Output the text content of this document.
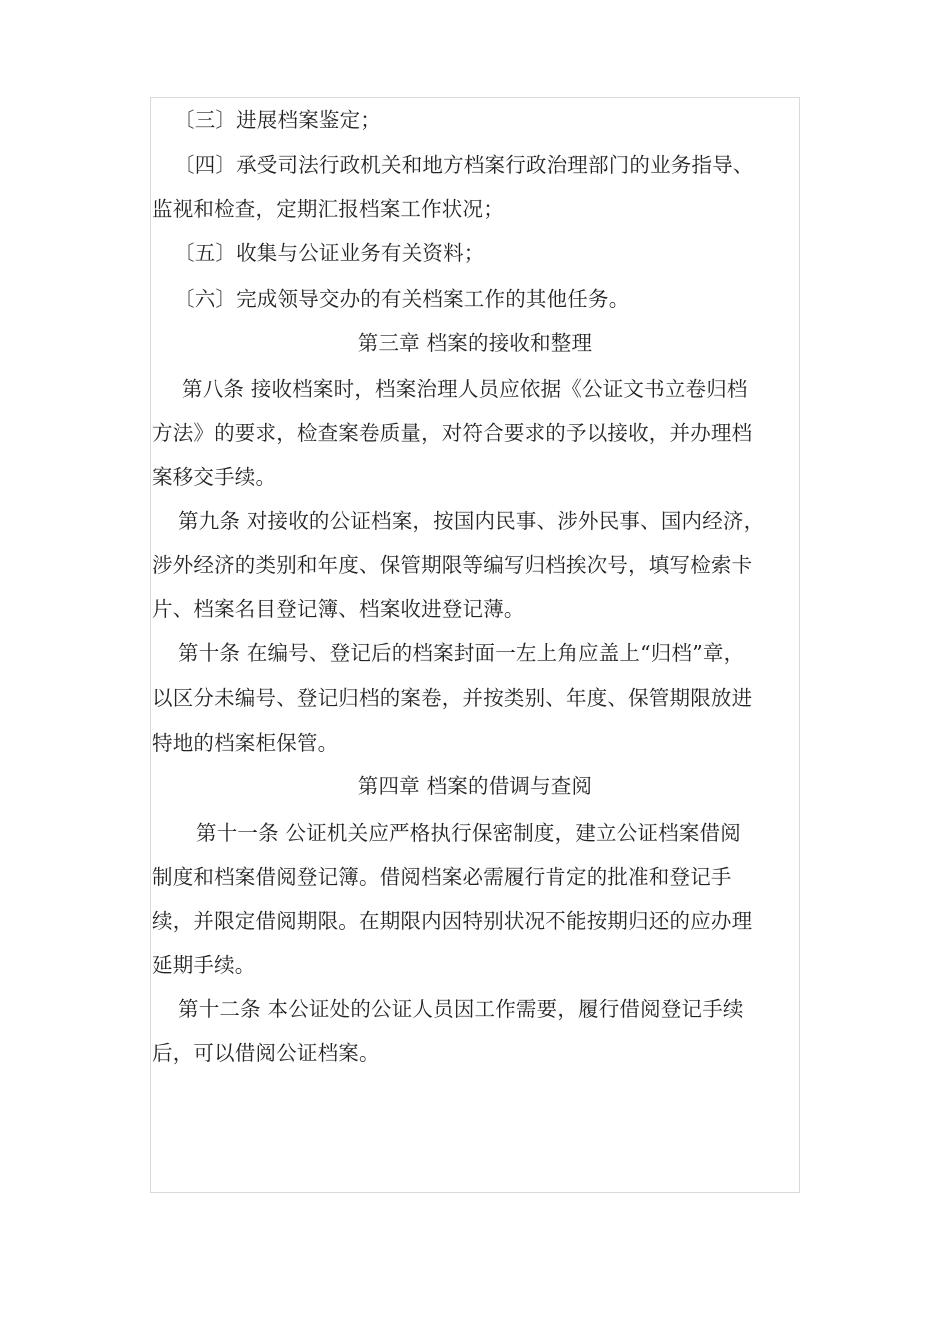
〔三〕进展档案鉴定；
〔四〕承受司法行政机关和地方档案行政治理部门的业务指导、
监视和检查，定期汇报档案工作状况；
〔五〕收集与公证业务有关资料；
〔六〕完成领导交办的有关档案工作的其他任务。
第三章 档案的接收和整理
第八条 接收档案时，档案治理人员应依据《公证文书立卷归档
方法》的要求，检查案卷质量，对符合要求的予以接收，并办理档
案移交手续。
第九条 对接收的公证档案，按国内民事、涉外民事、国内经济，
涉外经济的类别和年度、保管期限等编写归档挨次号，填写检索卡
片、档案名目登记簿、档案收进登记薄。
第十条 在编号、登记后的档案封面一左上角应盖上“归档”章，
以区分未编号、登记归档的案卷，并按类别、年度、保管期限放进
特地的档案柜保管。
第四章 档案的借调与查阅
第十一条 公证机关应严格执行保密制度，建立公证档案借阅
制度和档案借阅登记簿。借阅档案必需履行肯定的批准和登记手
续，并限定借阅期限。在期限内因特别状况不能按期归还的应办理
延期手续。
第十二条 本公证处的公证人员因工作需要，履行借阅登记手续
后，可以借阅公证档案。
